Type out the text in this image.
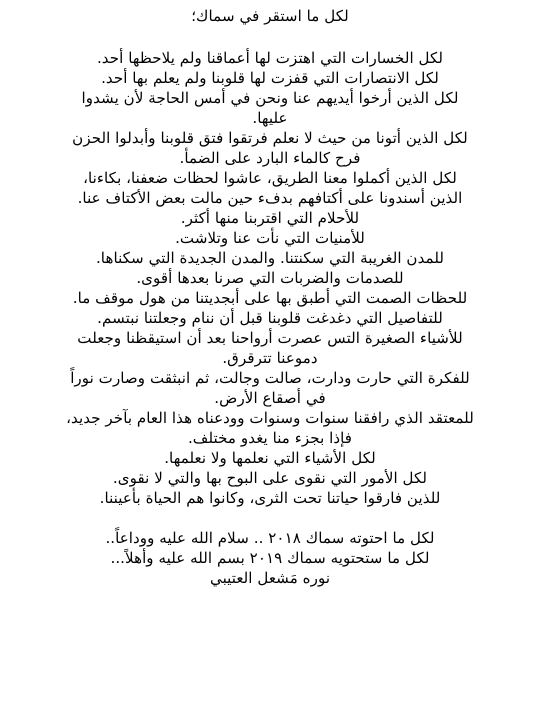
لكل ما استقر في سماك؛
لكل الخسارات التي اهتزت لها أعماقنا ولم يلاحظها أحد.
لكل الانتصارات التي قفزت لها قلوبنا ولم يعلم بها أحد.
لكل الذين أرخوا أيديهم عنا ونحن في أمس الحاجة لأن يشدوا
عليها.
لكل الذين أتونا من حيث لا نعلم فرتقوا فتق قلوبنا وأبدلوا الحزن
فرح كالماء البارد على الضمأ.
لكل الذين أكملوا معنا الطريق، عاشوا لحظات ضعفنا، بكاءنا،
الذين أسندونا على أكتافهم بدفء حين مالت بعض الأكتاف عنا.
للأحلام التي اقتربنا منها أكثر.
للأمنيات التي نأت عنا وتلاشت.
للمدن الغريبة التي سكنتنا. والمدن الجديدة التي سكناها.
للصدمات والضربات التي صرنا بعدها أقوى.
للحظات الصمت التي أطبق بها على أبجديتنا من هول موقف ما.
للتفاصيل التي دغدغت قلوبنا قبل أن ننام وجعلتنا نبتسم.
للأشياء الصغيرة التس عصرت أرواحنا بعد أن استيقظنا وجعلت
دموعنا تترقرق.
للفكرة التي حارت ودارت، صالت وجالت، ثم انبثقت وصارت نوراً
في أصقاع الأرض.
للمعتقد الذي رافقنا سنوات وسنوات وودعناه هذا العام بآخر جديد،
فإذا بجزء منا يغدو مختلف.
لكل الأشياء التي نعلمها ولا نعلمها.
لكل الأمور التي نقوى على البوح بها والتي لا نقوى.
للذين فارقوا حياتنا تحت الثرى، وكانوا هم الحياة بأعيننا.
لكل ما احتوته سماك ٢٠١٨ .. سلام الله عليه ووداعاً..
لكل ما ستحتويه سماك ٢٠١٩ بسم الله عليه وأهلاً...
نوره مَشعل العتيبي
